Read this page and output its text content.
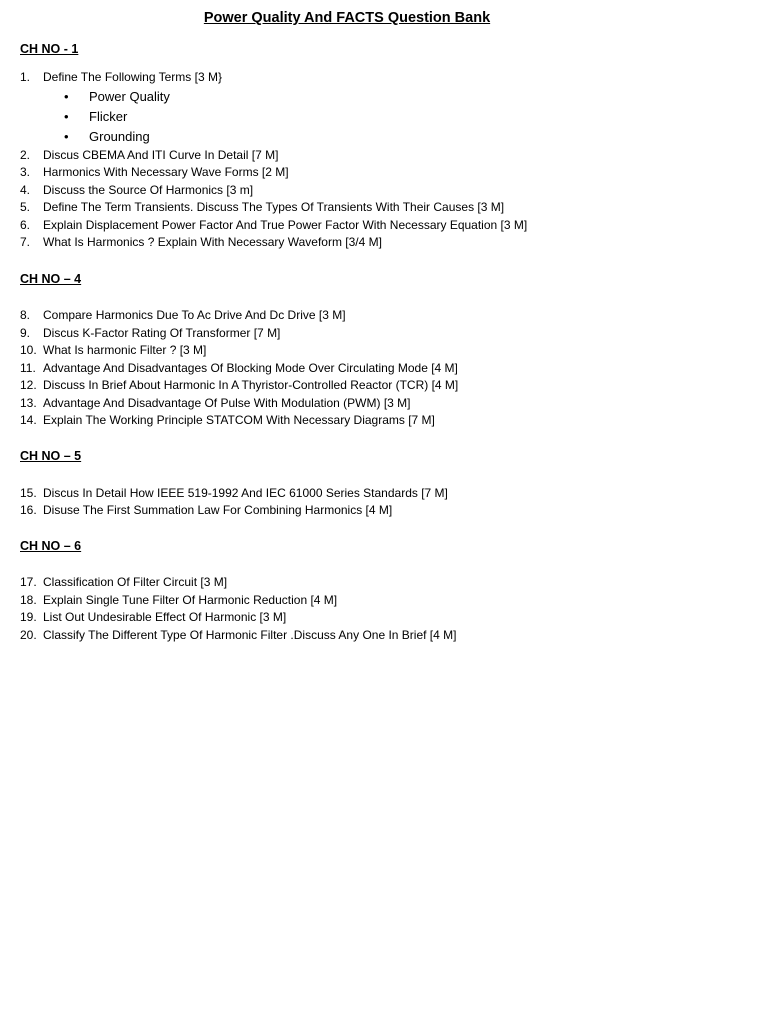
Power Quality And FACTS Question Bank
CH NO - 1
1. Define The Following Terms [3 M}
• Power Quality
• Flicker
• Grounding
2. Discus CBEMA And ITI Curve In Detail [7 M]
3. Harmonics With Necessary Wave Forms [2 M]
4. Discuss the Source Of Harmonics [3 m]
5. Define The Term Transients. Discuss The Types Of Transients With Their Causes [3 M]
6. Explain Displacement Power Factor And True Power Factor With Necessary Equation [3 M]
7. What Is Harmonics ? Explain With Necessary Waveform [3/4 M]
CH NO – 4
8. Compare Harmonics Due To Ac Drive And Dc Drive [3 M]
9. Discus K-Factor Rating Of Transformer [7 M]
10. What Is harmonic Filter ? [3 M]
11. Advantage And Disadvantages Of Blocking Mode Over Circulating Mode [4 M]
12. Discuss In Brief About Harmonic In A Thyristor-Controlled Reactor (TCR) [4 M]
13. Advantage And Disadvantage Of Pulse With Modulation (PWM) [3 M]
14. Explain The Working Principle STATCOM With Necessary Diagrams [7 M]
CH NO – 5
15. Discus In Detail How IEEE 519-1992 And IEC 61000 Series Standards [7 M]
16. Disuse The First Summation Law For Combining Harmonics [4 M]
CH NO – 6
17. Classification Of Filter Circuit [3 M]
18. Explain Single Tune Filter Of Harmonic Reduction [4 M]
19. List Out Undesirable Effect Of Harmonic [3 M]
20. Classify The Different Type Of Harmonic Filter .Discuss Any One In Brief [4 M]
